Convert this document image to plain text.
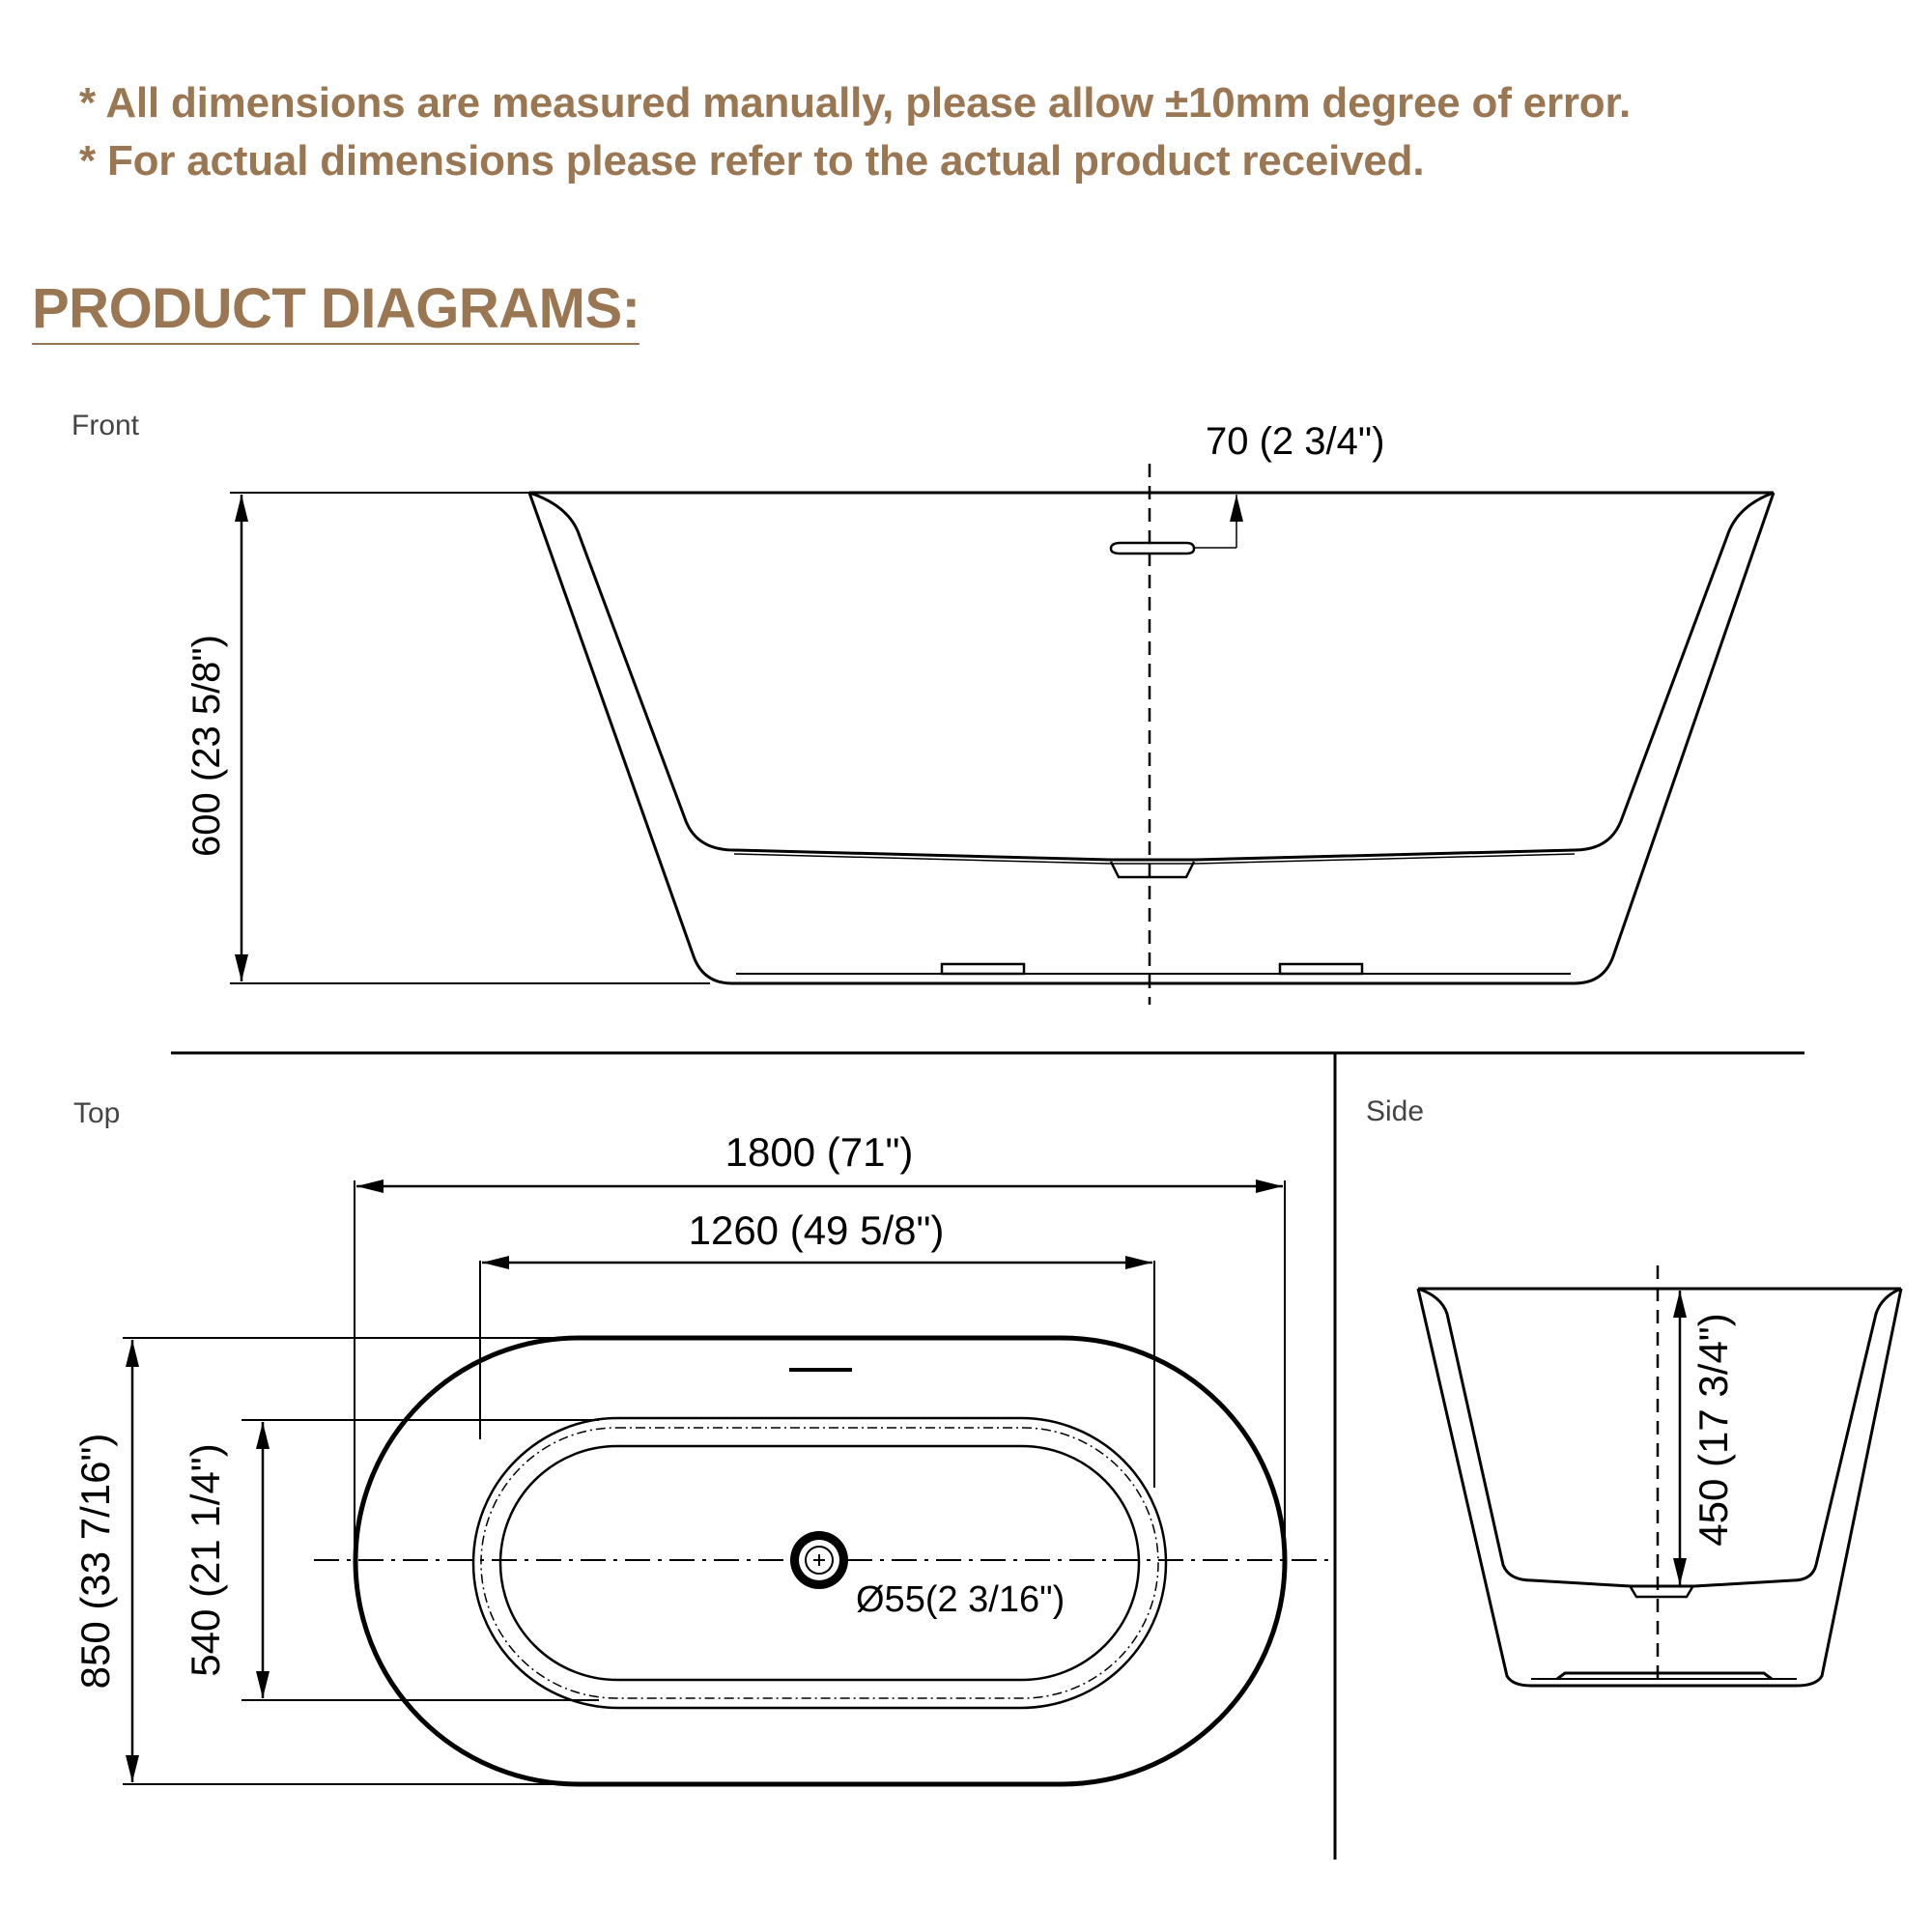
* All dimensions are measured manually, please allow ±10mm degree of error.

* For actual dimensions please refer to the actual product received.

PRODUCT DIAGRAMS:
Front
Top	Side
70 (2 3/4")
600 (23 5/8")
1800 (71")
1260 (49 5/8")
850 (33 7/16") 540 (21 1/4")	Ø55(2 3/16")
450 (17 3/4")
